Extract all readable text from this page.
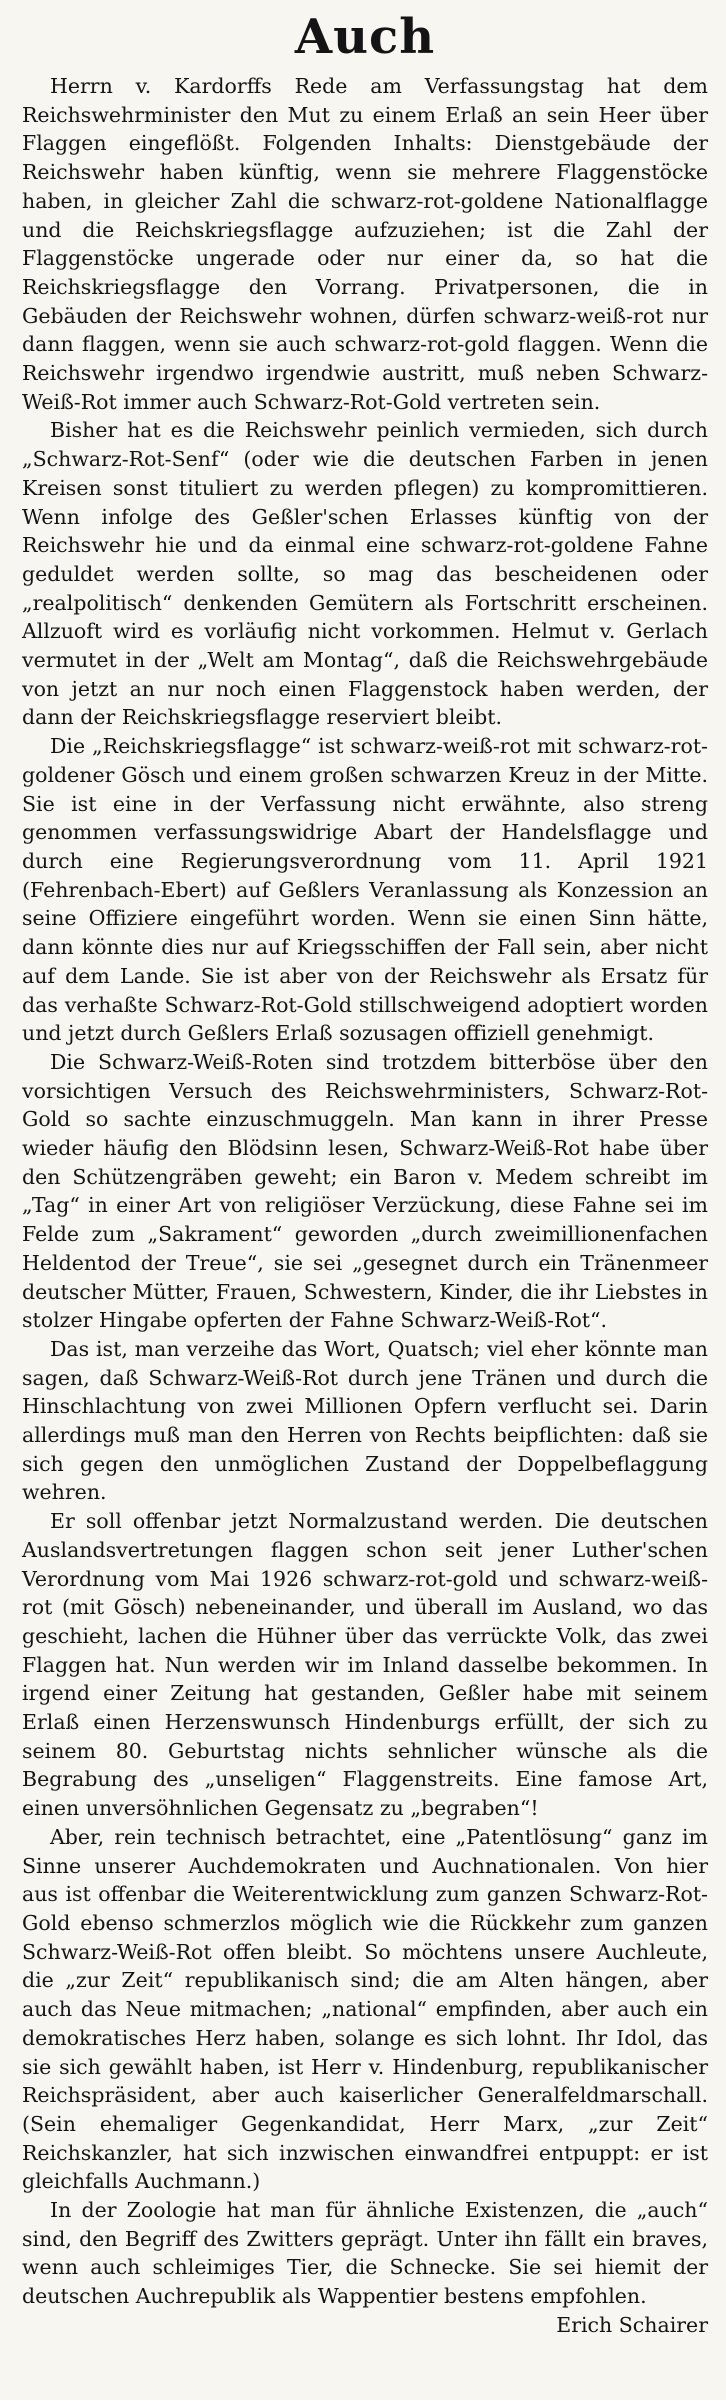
Auch

Herrn v. Kardorffs Rede am Verfassungstag hat dem Reichswehrminister den Mut zu einem Erlaß an sein Heer über Flaggen eingeflößt. Folgenden Inhalts: Dienstgebäude der Reichswehr haben künftig, wenn sie mehrere Flaggenstöcke haben, in gleicher Zahl die schwarz-rot-goldene Nationalflagge und die Reichskriegsflagge aufzuziehen; ist die Zahl der Flaggenstöcke ungerade oder nur einer da, so hat die Reichskriegsflagge den Vorrang. Privatpersonen, die in Gebäuden der Reichswehr wohnen, dürfen schwarz-weiß-rot nur dann flaggen, wenn sie auch schwarz-rot-gold flaggen. Wenn die Reichswehr irgendwo irgendwie austritt, muß neben Schwarz-Weiß-Rot immer auch Schwarz-Rot-Gold vertreten sein.

Bisher hat es die Reichswehr peinlich vermieden, sich durch „Schwarz-Rot-Senf“ (oder wie die deutschen Farben in jenen Kreisen sonst tituliert zu werden pflegen) zu kompromittieren. Wenn infolge des Geßler'schen Erlasses künftig von der Reichswehr hie und da einmal eine schwarz-rot-goldene Fahne geduldet werden sollte, so mag das bescheidenen oder „realpolitisch“ denkenden Gemütern als Fortschritt erscheinen. Allzuoft wird es vorläufig nicht vorkommen. Helmut v. Gerlach vermutet in der „Welt am Montag“, daß die Reichswehrgebäude von jetzt an nur noch einen Flaggenstock haben werden, der dann der Reichskriegsflagge reserviert bleibt.

Die „Reichskriegsflagge“ ist schwarz-weiß-rot mit schwarz-rot-goldener Gösch und einem großen schwarzen Kreuz in der Mitte. Sie ist eine in der Verfassung nicht erwähnte, also streng genommen verfassungswidrige Abart der Handelsflagge und durch eine Regierungsverordnung vom 11. April 1921 (Fehrenbach-Ebert) auf Geßlers Veranlassung als Konzession an seine Offiziere eingeführt worden. Wenn sie einen Sinn hätte, dann könnte dies nur auf Kriegsschiffen der Fall sein, aber nicht auf dem Lande. Sie ist aber von der Reichswehr als Ersatz für das verhaßte Schwarz-Rot-Gold stillschweigend adoptiert worden und jetzt durch Geßlers Erlaß sozusagen offiziell genehmigt.

Die Schwarz-Weiß-Roten sind trotzdem bitterböse über den vorsichtigen Versuch des Reichswehrministers, Schwarz-Rot-Gold so sachte einzuschmuggeln. Man kann in ihrer Presse wieder häufig den Blödsinn lesen, Schwarz-Weiß-Rot habe über den Schützengräben geweht; ein Baron v. Medem schreibt im „Tag“ in einer Art von religiöser Verzückung, diese Fahne sei im Felde zum „Sakrament“ geworden „durch zweimillionenfachen Heldentod der Treue“, sie sei „gesegnet durch ein Tränenmeer deutscher Mütter, Frauen, Schwestern, Kinder, die ihr Liebstes in stolzer Hingabe opferten der Fahne Schwarz-Weiß-Rot“.

Das ist, man verzeihe das Wort, Quatsch; viel eher könnte man sagen, daß Schwarz-Weiß-Rot durch jene Tränen und durch die Hinschlachtung von zwei Millionen Opfern verflucht sei. Darin allerdings muß man den Herren von Rechts beipflichten: daß sie sich gegen den unmöglichen Zustand der Doppelbeflaggung wehren.

Er soll offenbar jetzt Normalzustand werden. Die deutschen Auslandsvertretungen flaggen schon seit jener Luther'schen Verordnung vom Mai 1926 schwarz-rot-gold und schwarz-weiß-rot (mit Gösch) nebeneinander, und überall im Ausland, wo das geschieht, lachen die Hühner über das verrückte Volk, das zwei Flaggen hat. Nun werden wir im Inland dasselbe bekommen. In irgend einer Zeitung hat gestanden, Geßler habe mit seinem Erlaß einen Herzenswunsch Hindenburgs erfüllt, der sich zu seinem 80. Geburtstag nichts sehnlicher wünsche als die Begrabung des „unseligen“ Flaggenstreits. Eine famose Art, einen unversöhnlichen Gegensatz zu „begraben“!

Aber, rein technisch betrachtet, eine „Patentlösung“ ganz im Sinne unserer Auchdemokraten und Auchnationalen. Von hier aus ist offenbar die Weiterentwicklung zum ganzen Schwarz-Rot-Gold ebenso schmerzlos möglich wie die Rückkehr zum ganzen Schwarz-Weiß-Rot offen bleibt. So möchtens unsere Auchleute, die „zur Zeit“ republikanisch sind; die am Alten hängen, aber auch das Neue mitmachen; „national“ empfinden, aber auch ein demokratisches Herz haben, solange es sich lohnt. Ihr Idol, das sie sich gewählt haben, ist Herr v. Hindenburg, republikanischer Reichspräsident, aber auch kaiserlicher Generalfeldmarschall. (Sein ehemaliger Gegenkandidat, Herr Marx, „zur Zeit“ Reichskanzler, hat sich inzwischen einwandfrei entpuppt: er ist gleichfalls Auchmann.)

In der Zoologie hat man für ähnliche Existenzen, die „auch“ sind, den Begriff des Zwitters geprägt. Unter ihn fällt ein braves, wenn auch schleimiges Tier, die Schnecke. Sie sei hiemit der deutschen Auchrepublik als Wappentier bestens empfohlen.
Erich Schairer
